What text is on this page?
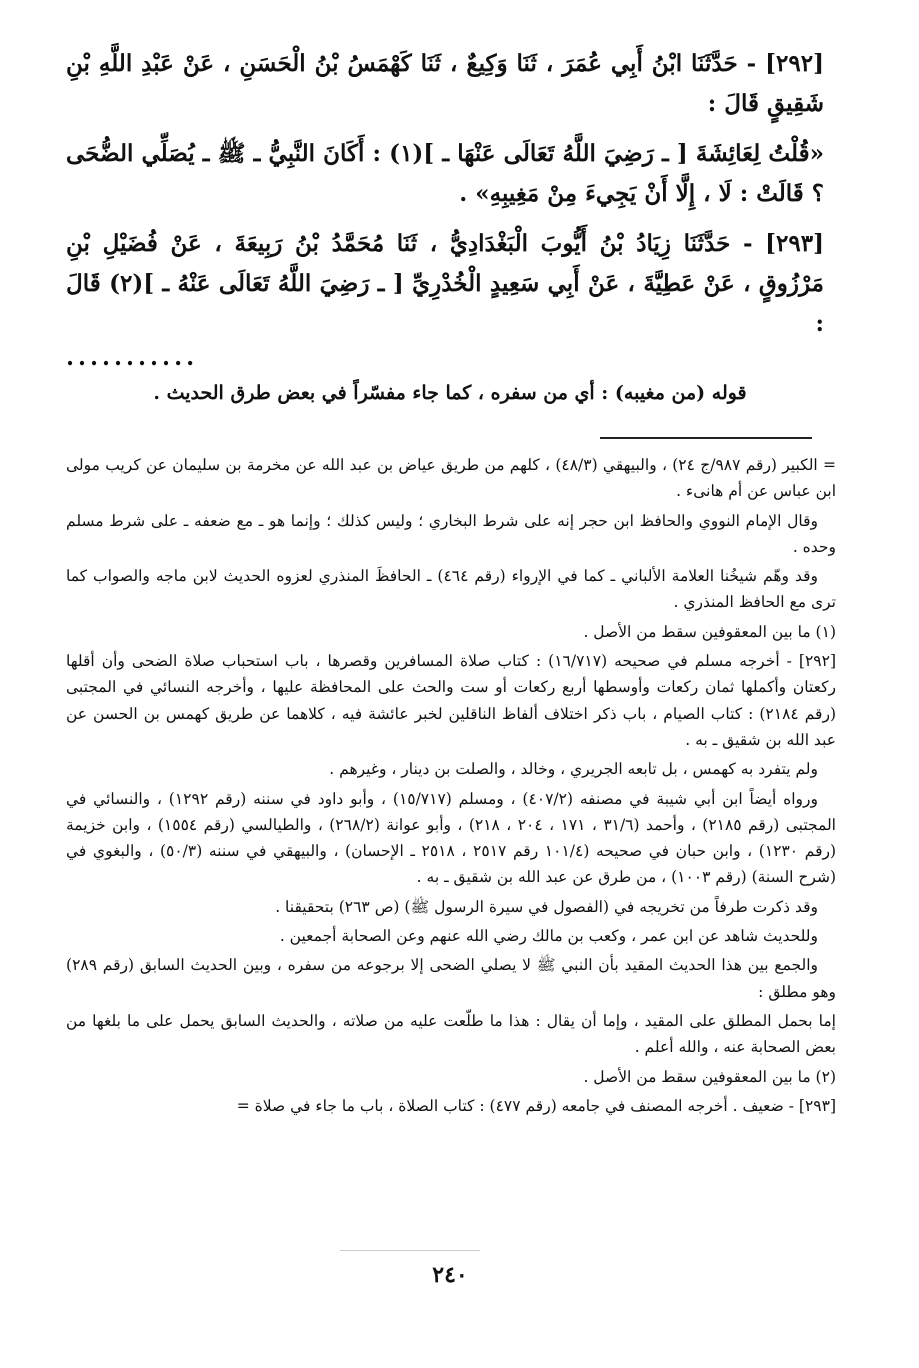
[٢٩٢] - حَدَّثَنَا ابْنُ أَبِي عُمَرَ ، ثَنَا وَكِيعٌ ، ثَنَا كَهْمَسُ بْنُ الْحَسَنِ ، عَنْ عَبْدِ اللَّهِ بْنِ شَقِيقٍ قَالَ :

«قُلْتُ لِعَائِشَةَ [ ـ رَضِيَ اللَّهُ تَعَالَى عَنْهَا ـ ](١) : أَكَانَ النَّبِيُّ ـ ﷺ ـ يُصَلِّي الضُّحَى ؟ قَالَتْ : لَا ، إِلَّا أَنْ يَجِيءَ مِنْ مَغِيبِهِ» .

[٢٩٣] - حَدَّثَنَا زِيَادُ بْنُ أَيُّوبَ الْبَغْدَادِيُّ ، ثَنَا مُحَمَّدُ بْنُ رَبِيعَةَ ، عَنْ فُضَيْلِ بْنِ مَرْزُوقٍ ، عَنْ عَطِيَّةَ ، عَنْ أَبِي سَعِيدٍ الْخُدْرِيِّ [ ـ رَضِيَ اللَّهُ تَعَالَى عَنْهُ ـ ](٢) قَالَ :

...........

قوله (من مغيبه) : أي من سفره ، كما جاء مفسّراً في بعض طرق الحديث .

= الكبير (رقم ٩٨٧/ج ٢٤) ، والبيهقي (٤٨/٣) ، كلهم من طريق عياض بن عبد الله عن مخرمة بن سليمان عن كريب مولى ابن عباس عن أم هانىء .

وقال الإمام النووي والحافظ ابن حجر إنه على شرط البخاري ؛ وليس كذلك ؛ وإنما هو ـ مع ضعفه ـ على شرط مسلم وحده .

وقد وهّم شيخُنا العلامة الألباني ـ كما في الإرواء (رقم ٤٦٤) ـ الحافظَ المنذري لعزوه الحديث لابن ماجه والصواب كما ترى مع الحافظ المنذري .

(١) ما بين المعقوفين سقط من الأصل .

[٢٩٢] - أخرجه مسلم في صحيحه (١٦/٧١٧) : كتاب صلاة المسافرين وقصرها ، باب استحباب صلاة الضحى وأن أقلها ركعتان وأكملها ثمان ركعات وأوسطها أربع ركعات أو ست والحث على المحافظة عليها ، وأخرجه النسائي في المجتبى (رقم ٢١٨٤) : كتاب الصيام ، باب ذكر اختلاف ألفاظ الناقلين لخبر عائشة فيه ، كلاهما عن طريق كهمس بن الحسن عن عبد الله بن شقيق ـ به .

ولم يتفرد به كهمس ، بل تابعه الجريري ، وخالد ، والصلت بن دينار ، وغيرهم .

ورواه أيضاً ابن أبي شيبة في مصنفه (٤٠٧/٢) ، ومسلم (١٥/٧١٧) ، وأبو داود في سننه (رقم ١٢٩٢) ، والنسائي في المجتبى (رقم ٢١٨٥) ، وأحمد (٣١/٦ ، ١٧١ ، ٢٠٤ ، ٢١٨) ، وأبو عوانة (٢٦٨/٢) ، والطيالسي (رقم ١٥٥٤) ، وابن خزيمة (رقم ١٢٣٠) ، وابن حبان في صحيحه (١٠١/٤ رقم ٢٥١٧ ، ٢٥١٨ ـ الإحسان) ، والبيهقي في سننه (٥٠/٣) ، والبغوي في (شرح السنة) (رقم ١٠٠٣) ، من طرق عن عبد الله بن شقيق ـ به .

وقد ذكرت طرفاً من تخريجه في (الفصول في سيرة الرسول ﷺ) (ص ٢٦٣) بتحقيقنا .

وللحديث شاهد عن ابن عمر ، وكعب بن مالك رضي الله عنهم وعن الصحابة أجمعين .

والجمع بين هذا الحديث المقيد بأن النبي ﷺ لا يصلي الضحى إلا برجوعه من سفره ، وبين الحديث السابق (رقم ٢٨٩) وهو مطلق :

إما بحمل المطلق على المقيد ، وإما أن يقال : هذا ما طلّعت عليه من صلاته ، والحديث السابق يحمل على ما بلغها من بعض الصحابة عنه ، والله أعلم .

(٢) ما بين المعقوفين سقط من الأصل .

[٢٩٣] - ضعيف . أخرجه المصنف في جامعه (رقم ٤٧٧) : كتاب الصلاة ، باب ما جاء في صلاة =

٢٤٠
